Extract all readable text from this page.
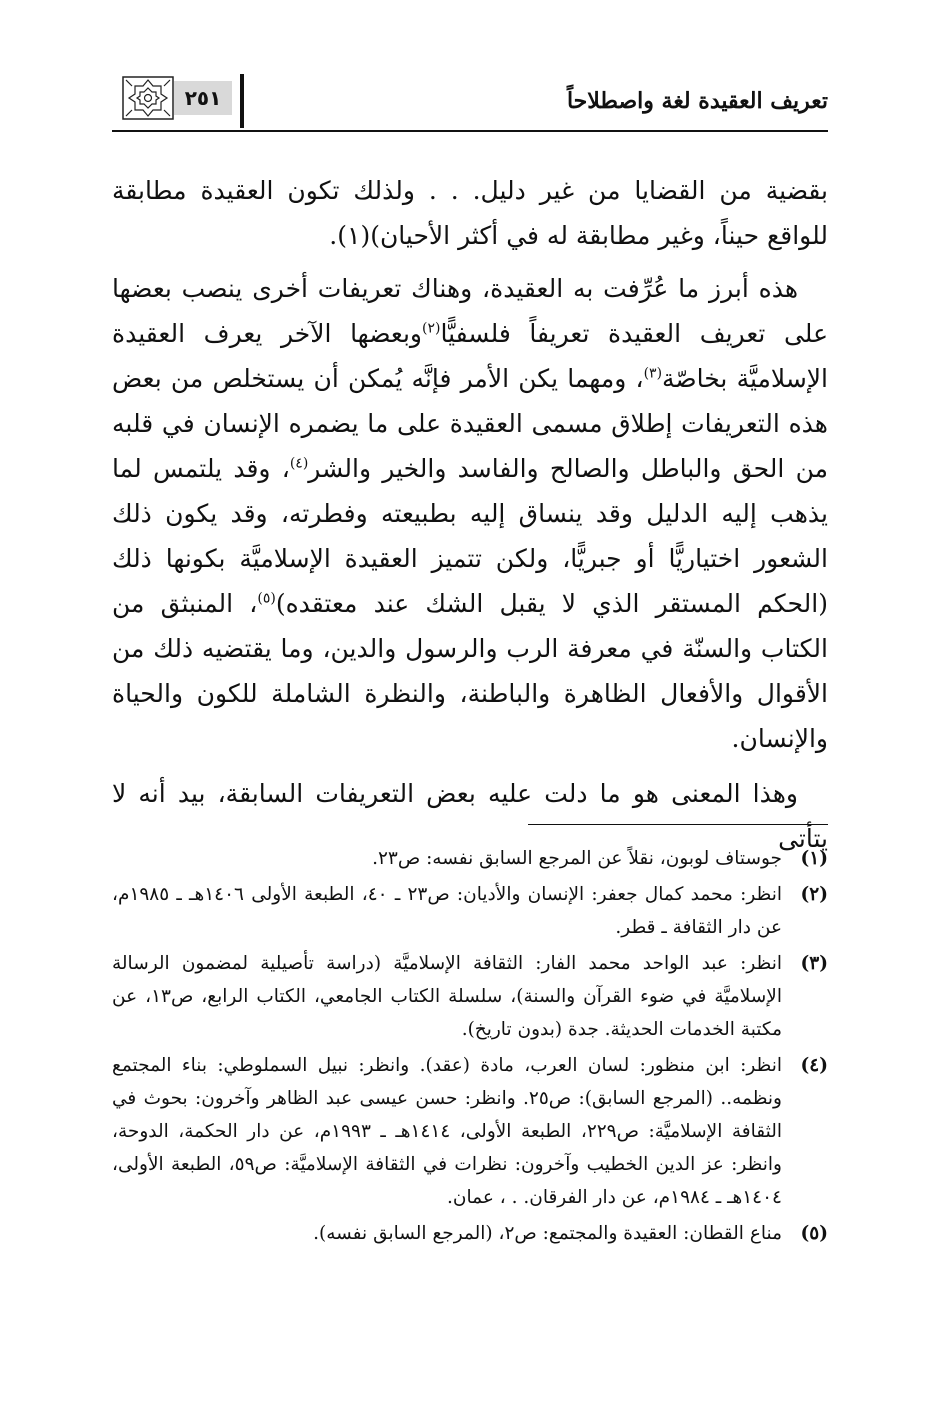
تعريف العقيدة لغة واصطلاحاً
٢٥١

بقضية من القضايا من غير دليل. . . ولذلك تكون العقيدة مطابقة للواقع حيناً، وغير مطابقة له في أكثر الأحيان)(١).

هذه أبرز ما عُرِّفت به العقيدة، وهناك تعريفات أخرى ينصب بعضها على تعريف العقيدة تعريفاً فلسفيًّا$^{(٢)}$وبعضها الآخر يعرف العقيدة الإسلاميَّة بخاصّة$^{(٣)}$، ومهما يكن الأمر فإنَّه يُمكن أن يستخلص من بعض هذه التعريفات إطلاق مسمى العقيدة على ما يضمره الإنسان في قلبه من الحق والباطل والصالح والفاسد والخير والشر$^{(٤)}$، وقد يلتمس لما يذهب إليه الدليل وقد ينساق إليه بطبيعته وفطرته، وقد يكون ذلك الشعور اختياريًّا أو جبريًّا، ولكن تتميز العقيدة الإسلاميَّة بكونها ذلك (الحكم المستقر الذي لا يقبل الشك عند معتقده)$^{(٥)}$، المنبثق من الكتاب والسنّة في معرفة الرب والرسول والدين، وما يقتضيه ذلك من الأقوال والأفعال الظاهرة والباطنة، والنظرة الشاملة للكون والحياة والإنسان.

وهذا المعنى هو ما دلت عليه بعض التعريفات السابقة، بيد أنه لا يتأتى

(١)
جوستاف لوبون، نقلاً عن المرجع السابق نفسه: ص٢٣.
(٢)
انظر: محمد كمال جعفر: الإنسان والأديان: ص٢٣ ـ ٤٠، الطبعة الأولى ١٤٠٦هـ ـ ١٩٨٥م، عن دار الثقافة ـ قطر.
(٣)
انظر: عبد الواحد محمد الفار: الثقافة الإسلاميَّة (دراسة تأصيلية لمضمون الرسالة الإسلاميَّة في ضوء القرآن والسنة)، سلسلة الكتاب الجامعي، الكتاب الرابع، ص١٣، عن مكتبة الخدمات الحديثة. جدة (بدون تاريخ).
(٤)
انظر: ابن منظور: لسان العرب، مادة (عقد). وانظر: نبيل السملوطي: بناء المجتمع ونظمه.. (المرجع السابق): ص٢٥. وانظر: حسن عيسى عبد الظاهر وآخرون: بحوث في الثقافة الإسلاميَّة: ص٢٢٩، الطبعة الأولى، ١٤١٤هـ ـ ١٩٩٣م، عن دار الحكمة، الدوحة، وانظر: عز الدين الخطيب وآخرون: نظرات في الثقافة الإسلاميَّة: ص٥٩، الطبعة الأولى، ١٤٠٤هـ ـ ١٩٨٤م، عن دار الفرقان. . ، عمان.
(٥)
مناع القطان: العقيدة والمجتمع: ص٢، (المرجع السابق نفسه).
